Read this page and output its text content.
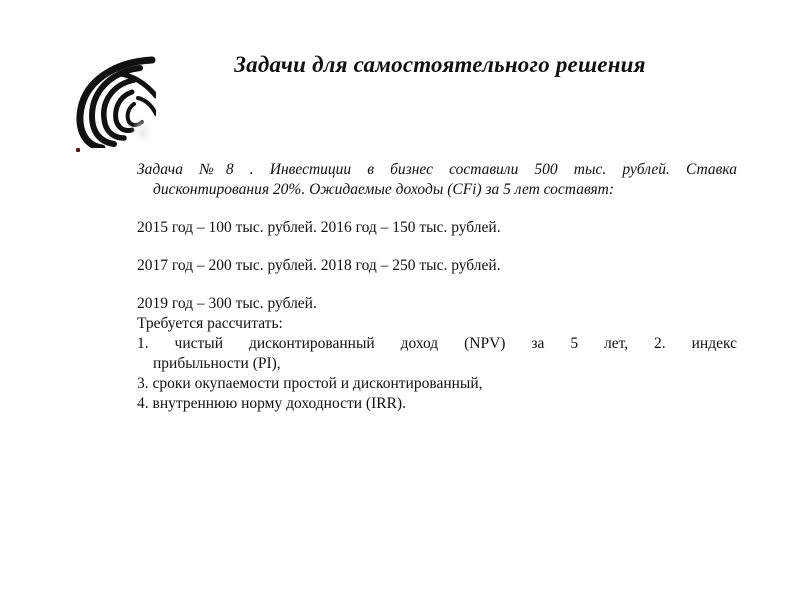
Задачи для самостоятельного решения

Задача №8 . Инвестиции в бизнес составили 500 тыс. рублей. Ставка

дисконтирования 20%. Ожидаемые доходы (CFi) за 5 лет составят:

2015 год – 100 тыс. рублей. 2016 год – 150 тыс. рублей.

2017 год – 200 тыс. рублей. 2018 год – 250 тыс. рублей.

2019 год – 300 тыс. рублей.

Требуется рассчитать:

1. чистый дисконтированный доход (NPV) за 5 лет, 2. индекс

прибыльности (PI),

3. сроки окупаемости простой и дисконтированный,

4. внутреннюю норму доходности (IRR).
